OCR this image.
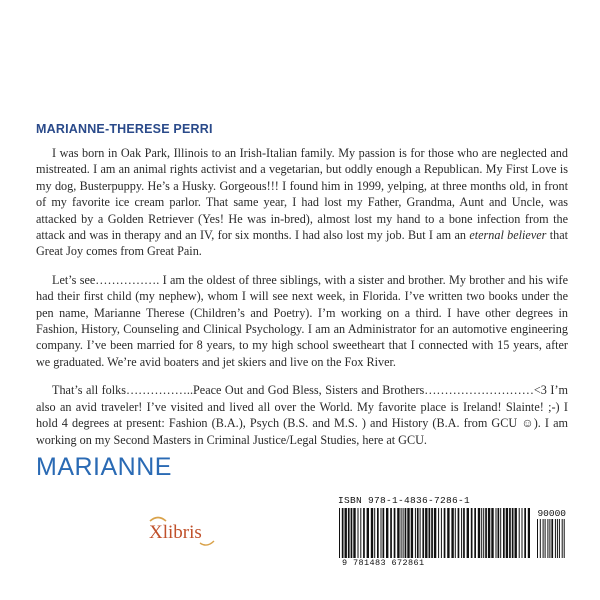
MARIANNE-THERESE PERRI

I was born in Oak Park, Illinois to an Irish-Italian family. My passion is for those who are neglected and mistreated. I am an animal rights activist and a vegetarian, but oddly enough a Republican. My First Love is my dog, Busterpuppy. He’s a Husky. Gorgeous!!! I found him in 1999, yelping, at three months old, in front of my favorite ice cream parlor. That same year, I had lost my Father, Grandma, Aunt and Uncle, was attacked by a Golden Retriever (Yes! He was in-bred), almost lost my hand to a bone infection from the attack and was in therapy and an IV, for six months. I had also lost my job. But I am an eternal believer that Great Joy comes from Great Pain.

Let’s see……………. I am the oldest of three siblings, with a sister and brother. My brother and his wife had their first child (my nephew), whom I will see next week, in Florida. I’ve written two books under the pen name, Marianne Therese (Children’s and Poetry). I’m working on a third. I have other degrees in Fashion, History, Counseling and Clinical Psychology. I am an Administrator for an automotive engineering company. I’ve been married for 8 years, to my high school sweetheart that I connected with 15 years, after we graduated. We’re avid boaters and jet skiers and live on the Fox River.

That’s all folks……………..Peace Out and God Bless, Sisters and Brothers………………………<3 I’m also an avid traveler! I’ve visited and lived all over the World. My favorite place is Ireland! Slainte! ;-) I hold 4 degrees at present: Fashion (B.A.), Psych (B.S. and M.S. ) and History (B.A. from GCU ☺). I am working on my Second Masters in Criminal Justice/Legal Studies, here at GCU.

MARIANNE
Xlibris
ISBN 978-1-4836-7286-1
90000
9 781483 672861
